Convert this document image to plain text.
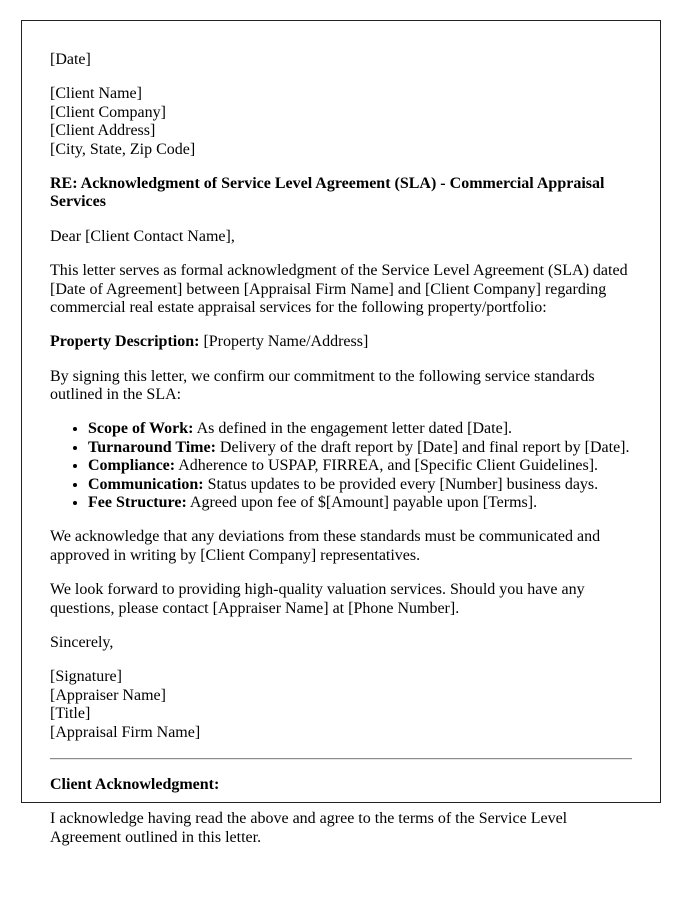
[Date]

[Client Name]
[Client Company]
[Client Address]
[City, State, Zip Code]

RE: Acknowledgment of Service Level Agreement (SLA) - Commercial Appraisal Services

Dear [Client Contact Name],

This letter serves as formal acknowledgment of the Service Level Agreement (SLA) dated [Date of Agreement] between [Appraisal Firm Name] and [Client Company] regarding commercial real estate appraisal services for the following property/portfolio:

Property Description: [Property Name/Address]

By signing this letter, we confirm our commitment to the following service standards outlined in the SLA:

• Scope of Work: As defined in the engagement letter dated [Date].
• Turnaround Time: Delivery of the draft report by [Date] and final report by [Date].
• Compliance: Adherence to USPAP, FIRREA, and [Specific Client Guidelines].
• Communication: Status updates to be provided every [Number] business days.
• Fee Structure: Agreed upon fee of $[Amount] payable upon [Terms].

We acknowledge that any deviations from these standards must be communicated and approved in writing by [Client Company] representatives.

We look forward to providing high-quality valuation services. Should you have any questions, please contact [Appraiser Name] at [Phone Number].

Sincerely,

[Signature]
[Appraiser Name]
[Title]
[Appraisal Firm Name]

Client Acknowledgment:

I acknowledge having read the above and agree to the terms of the Service Level Agreement outlined in this letter.
